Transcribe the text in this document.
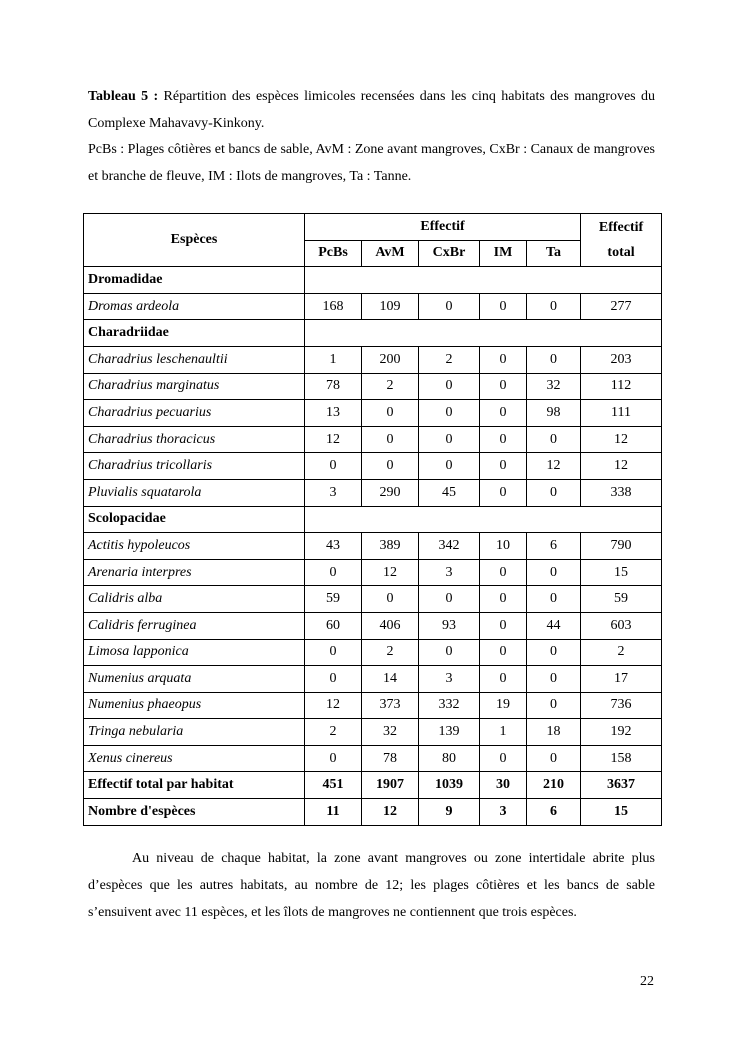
Tableau 5 : Répartition des espèces limicoles recensées dans les cinq habitats des mangroves du Complexe Mahavavy-Kinkony.

PcBs : Plages côtières et bancs de sable, AvM : Zone avant mangroves, CxBr : Canaux de mangroves et branche de fleuve, IM : Ilots de mangroves, Ta : Tanne.

Espèces	Effectif					Effectif total
	PcBs	AvM	CxBr	IM	Ta	
Dromadidae						
Dromas ardeola	168	109	0	0	0	277
Charadriidae						
Charadrius leschenaultii	1	200	2	0	0	203
Charadrius marginatus	78	2	0	0	32	112
Charadrius pecuarius	13	0	0	0	98	111
Charadrius thoracicus	12	0	0	0	0	12
Charadrius tricollaris	0	0	0	0	12	12
Pluvialis squatarola	3	290	45	0	0	338
Scolopacidae						
Actitis hypoleucos	43	389	342	10	6	790
Arenaria interpres	0	12	3	0	0	15
Calidris alba	59	0	0	0	0	59
Calidris ferruginea	60	406	93	0	44	603
Limosa lapponica	0	2	0	0	0	2
Numenius arquata	0	14	3	0	0	17
Numenius phaeopus	12	373	332	19	0	736
Tringa nebularia	2	32	139	1	18	192
Xenus cinereus	0	78	80	0	0	158
Effectif total par habitat	451	1907	1039	30	210	3637
Nombre d'espèces	11	12	9	3	6	15

Au niveau de chaque habitat, la zone avant mangroves ou zone intertidale abrite plus d’espèces que les autres habitats, au nombre de 12; les plages côtières et les bancs de sable s’ensuivent avec 11 espèces, et les îlots de mangroves ne contiennent que trois espèces.

22
